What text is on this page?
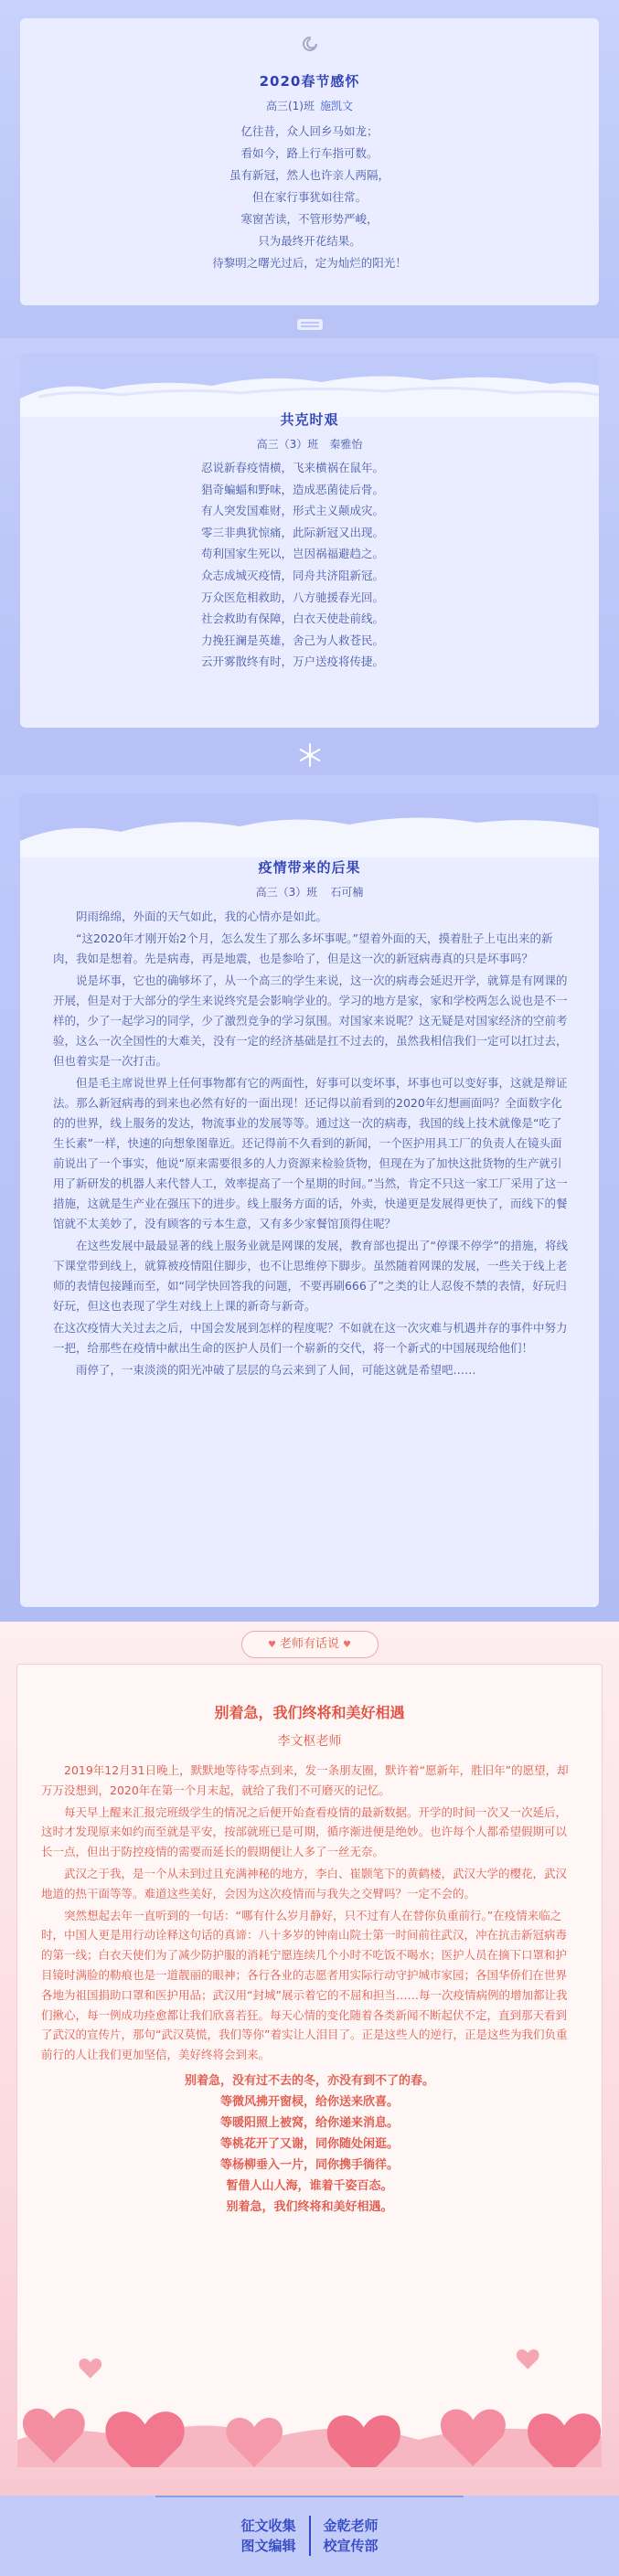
2020春节感怀
高三(1)班 施凯文
亿往昔，众人回乡马如龙；
看如今，路上行车指可数。
虽有新冠，然人也许亲人两隔，
但在家行事犹如往常。
寒窗苦读，不管形势严峻，
只为最终开花结果。
待黎明之曙光过后，定为灿烂的阳光！
共克时艰
高三（3）班 秦雅怡
忍说新春疫情横，飞来横祸在鼠年。
猖奇蝙蝠和野味，造成恶菌徒后骨。
有人突发国难财，形式主义颠成灾。
零三非典犹惊痛，此际新冠又出现。
苟利国家生死以，岂因祸福避趋之。
众志成城灭疫情，同舟共济阻新冠。
万众医危相救助，八方驰援春光回。
社会救助有保障，白衣天使赴前线。
力挽狂澜是英雄，舍己为人救苍民。
云开雾散终有时，万户送疫将传捷。
疫情带来的后果
高三（3）班 石可楠

阴雨绵绵，外面的天气如此，我的心情亦是如此。

“这2020年才刚开始2个月，怎么发生了那么多坏事呢。”望着外面的天，摸着肚子上屯出来的新肉，我如是想着。先是病毒，再是地震，也是参哈了，但是这一次的新冠病毒真的只是坏事吗？

说是坏事，它也的确够坏了，从一个高三的学生来说，这一次的病毒会延迟开学，就算是有网课的开展，但是对于大部分的学生来说终究是会影响学业的。学习的地方是家，家和学校两怎么说也是不一样的，少了一起学习的同学，少了激烈竞争的学习氛围。对国家来说呢？这无疑是对国家经济的空前考验，这么一次全国性的大难关，没有一定的经济基础是扛不过去的，虽然我相信我们一定可以扛过去，但也着实是一次打击。

但是毛主席说世界上任何事物都有它的两面性，好事可以变坏事，坏事也可以变好事，这就是辩证法。那么新冠病毒的到来也必然有好的一面出现！还记得以前看到的2020年幻想画面吗？全面数字化的的世界，线上服务的发达，物流事业的发展等等。通过这一次的病毒，我国的线上技术就像是“吃了生长素”一样，快速的向想象图靠近。还记得前不久看到的新闻，一个医护用具工厂的负责人在镜头面前说出了一个事实，他说“原来需要很多的人力资源来检验货物，但现在为了加快这批货物的生产就引用了新研发的机器人来代替人工，效率提高了一个星期的时间。”当然，肯定不只这一家工厂采用了这一措施，这就是生产业在强压下的进步。线上服务方面的话，外卖，快递更是发展得更快了，而线下的餐馆就不太美妙了，没有顾客的亏本生意，又有多少家餐馆顶得住呢？

在这些发展中最最显著的线上服务业就是网课的发展，教育部也提出了“停课不停学”的措施，将线下课堂带到线上，就算被疫情阻住脚步，也不让思维停下脚步。虽然随着网课的发展，一些关于线上老师的表情包接踵而至，如“同学快回答我的问题，不要再刷666了”之类的让人忍俊不禁的表情，好玩归好玩，但这也表现了学生对线上上课的新奇与新奇。

在这次疫情大关过去之后，中国会发展到怎样的程度呢？不如就在这一次灾难与机遇并存的事件中努力一把，给那些在疫情中献出生命的医护人员们一个崭新的交代，将一个新式的中国展现给他们！

雨停了，一束淡淡的阳光冲破了层层的乌云来到了人间，可能这就是希望吧……

♥ 老师有话说 ♥
别着急，我们终将和美好相遇
李文枢老师

2019年12月31日晚上，默默地等待零点到来，发一条朋友圈，默许着“愿新年，胜旧年”的愿望，却万万没想到，2020年在第一个月末起，就给了我们不可磨灭的记忆。

每天早上醒来汇报完班级学生的情况之后便开始查看疫情的最新数据。开学的时间一次又一次延后，这时才发现原来如约而至就是平安，按部就班已是可期，循序渐进便是绝妙。也许每个人都希望假期可以长一点，但出于防控疫情的需要而延长的假期便让人多了一丝无奈。

武汉之于我，是一个从未到过且充满神秘的地方，李白、崔颢笔下的黄鹤楼，武汉大学的樱花，武汉地道的热干面等等。难道这些美好，会因为这次疫情而与我失之交臂吗？一定不会的。

突然想起去年一直听到的一句话：“哪有什么岁月静好，只不过有人在替你负重前行。”在疫情来临之时，中国人更是用行动诠释这句话的真谛：八十多岁的钟南山院士第一时间前往武汉，冲在抗击新冠病毒的第一线；白衣天使们为了减少防护服的消耗宁愿连续几个小时不吃饭不喝水；医护人员在摘下口罩和护目镜时满脸的勒痕也是一道靓丽的眼神；各行各业的志愿者用实际行动守护城市家园；各国华侨们在世界各地为祖国捐助口罩和医护用品；武汉用“封城”展示着它的不屈和担当……每一次疫情病例的增加都让我们揪心，每一例成功痊愈都让我们欣喜若狂。每天心情的变化随着各类新闻不断起伏不定，直到那天看到了武汉的宣传片，那句“武汉莫慌，我们等你”着实让人泪目了。正是这些人的逆行，正是这些为我们负重前行的人让我们更加坚信，美好终将会到来。

别着急，没有过不去的冬，亦没有到不了的春。
等微风拂开窗棂，给你送来欣喜。
等暖阳照上被窝，给你递来消息。
等桃花开了又谢，同你随处闲逛。
等杨柳垂入一片，同你携手徜徉。
暂借人山人海，谁着千姿百态。
别着急，我们终将和美好相遇。
征文收集
图文编辑
金乾老师
校宣传部
